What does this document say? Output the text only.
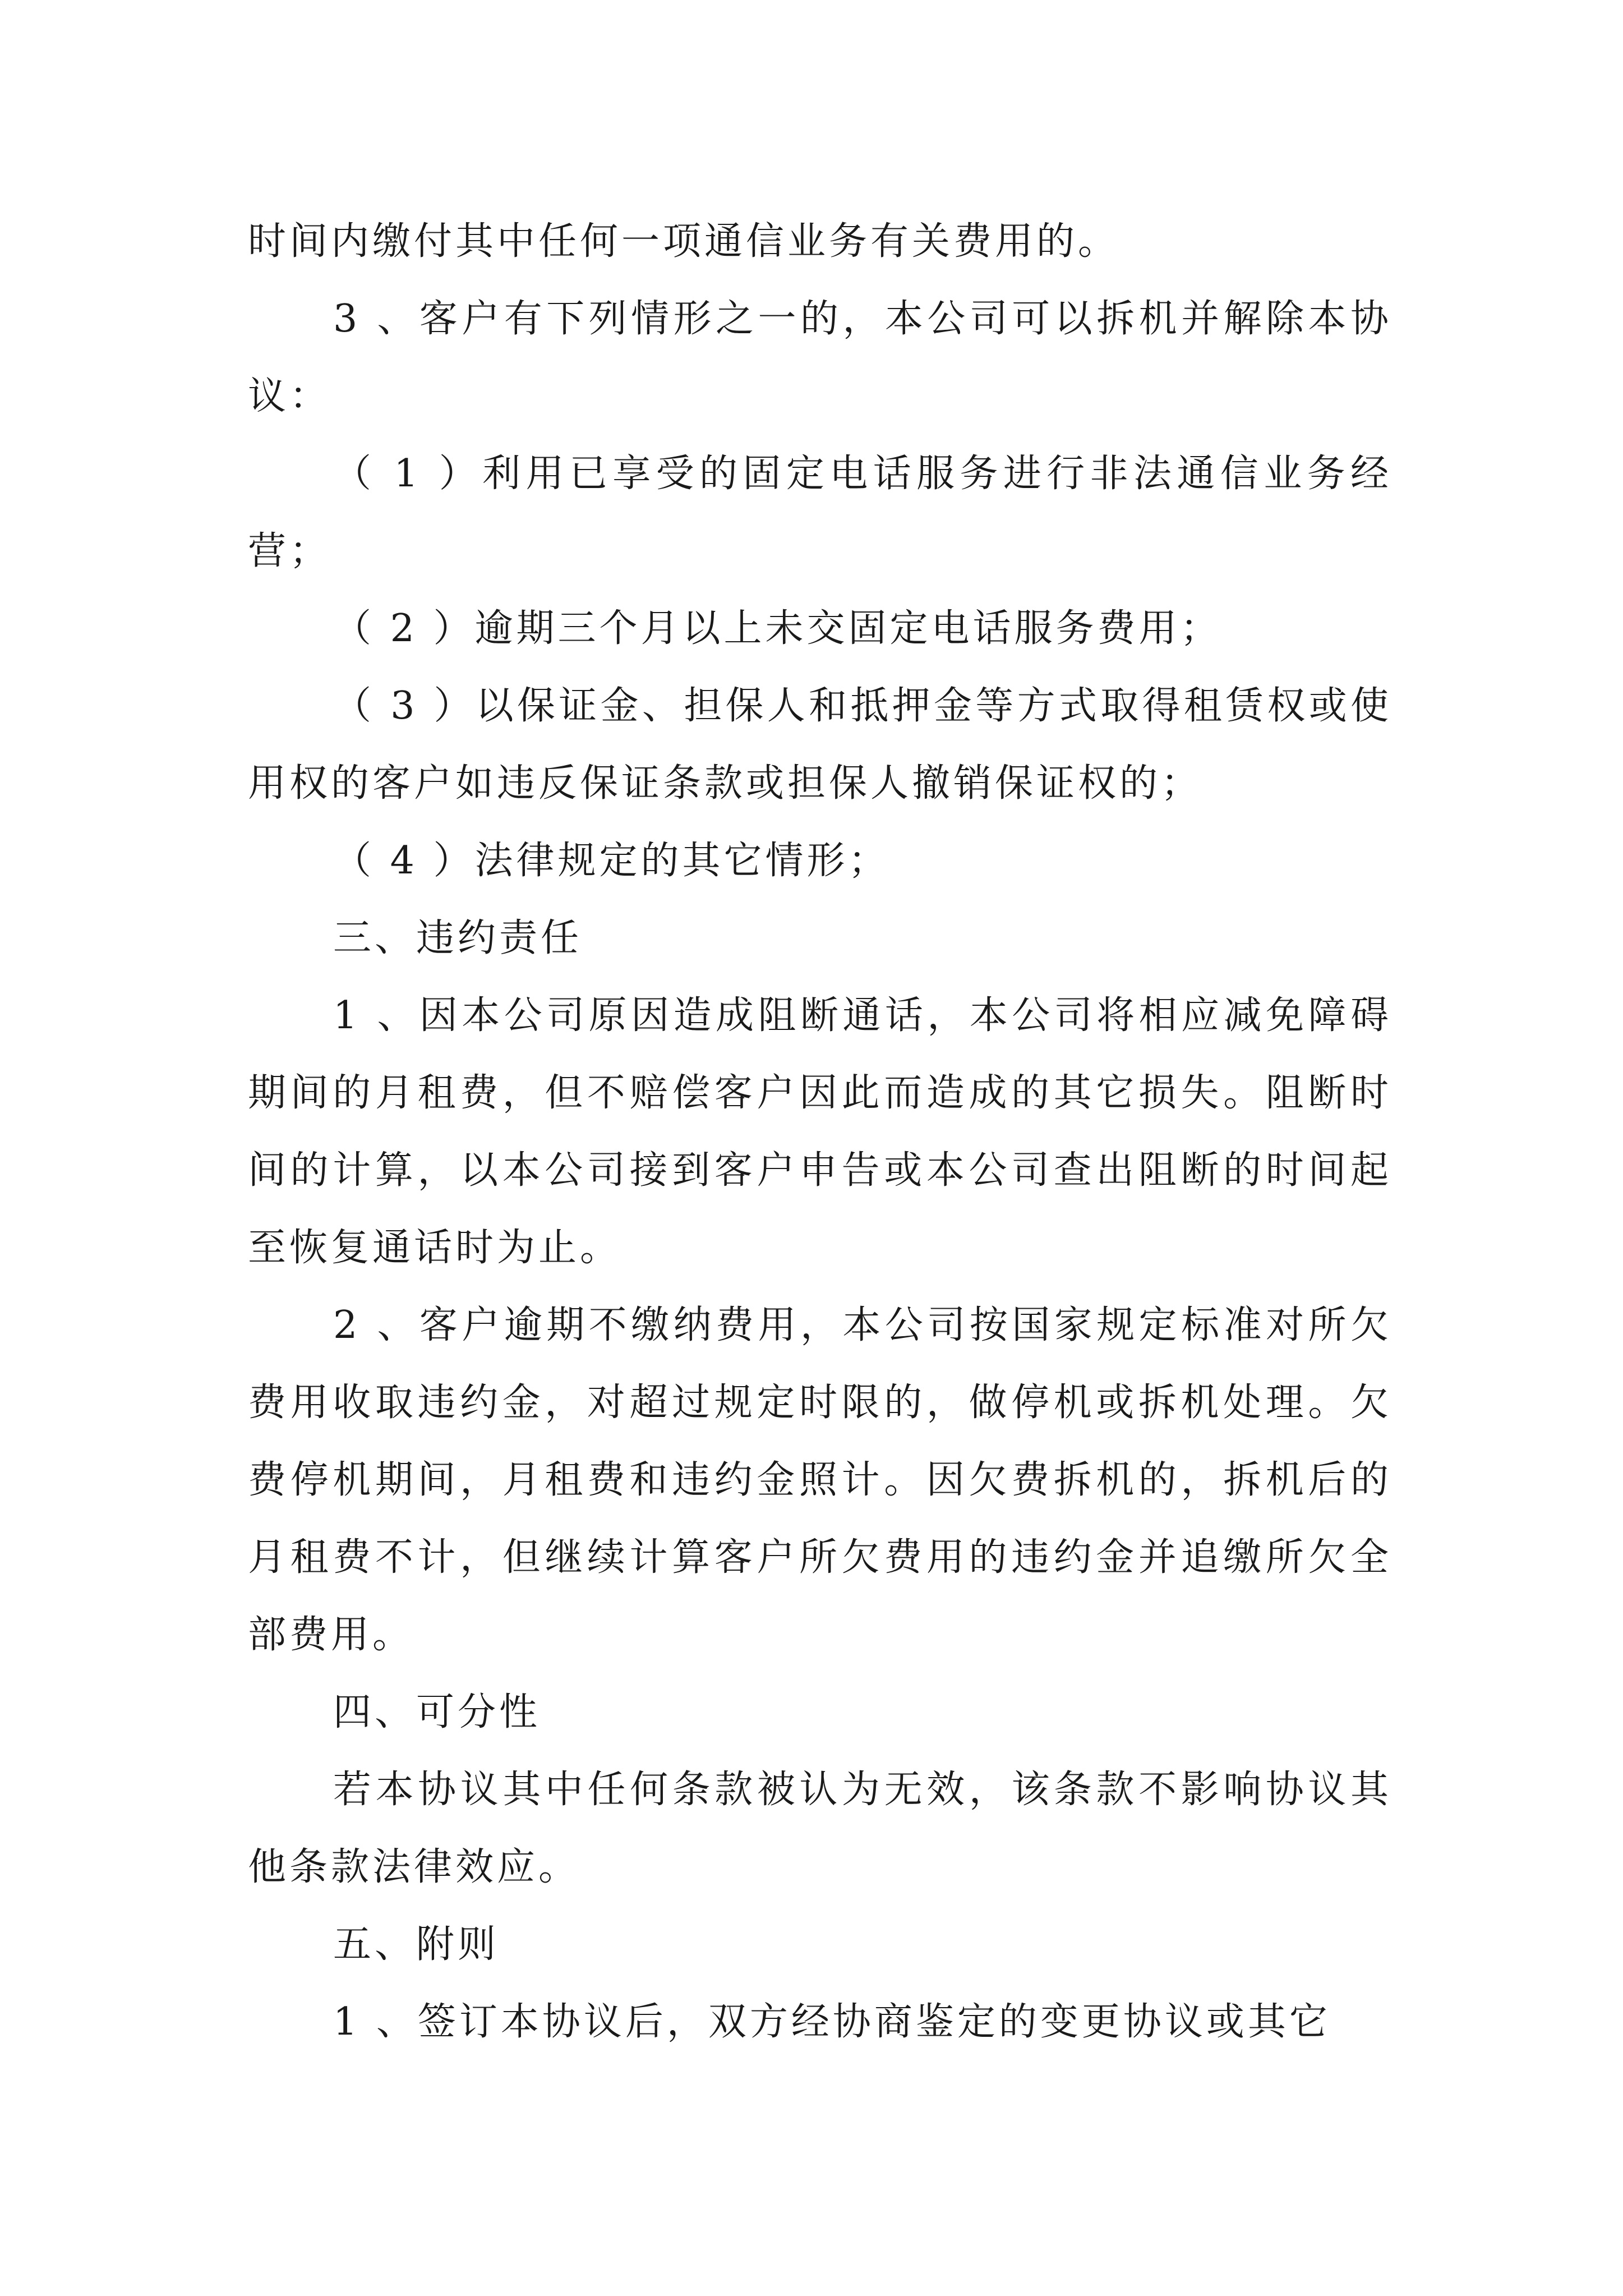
时间内缴付其中任何一项通信业务有关费用的。

3 、客户有下列情形之一的，本公司可以拆机并解除本协议：

（ 1 ）利用已享受的固定电话服务进行非法通信业务经营；

（ 2 ）逾期三个月以上未交固定电话服务费用；

（ 3 ）以保证金、担保人和抵押金等方式取得租赁权或使用权的客户如违反保证条款或担保人撤销保证权的；

（ 4 ）法律规定的其它情形；

三、违约责任

1 、因本公司原因造成阻断通话，本公司将相应减免障碍期间的月租费，但不赔偿客户因此而造成的其它损失。阻断时间的计算，以本公司接到客户申告或本公司查出阻断的时间起至恢复通话时为止。

2 、客户逾期不缴纳费用，本公司按国家规定标准对所欠费用收取违约金，对超过规定时限的，做停机或拆机处理。欠费停机期间，月租费和违约金照计。因欠费拆机的，拆机后的月租费不计，但继续计算客户所欠费用的违约金并追缴所欠全部费用。

四、可分性

若本协议其中任何条款被认为无效，该条款不影响协议其他条款法律效应。

五、附则

1 、签订本协议后，双方经协商鉴定的变更协议或其它
